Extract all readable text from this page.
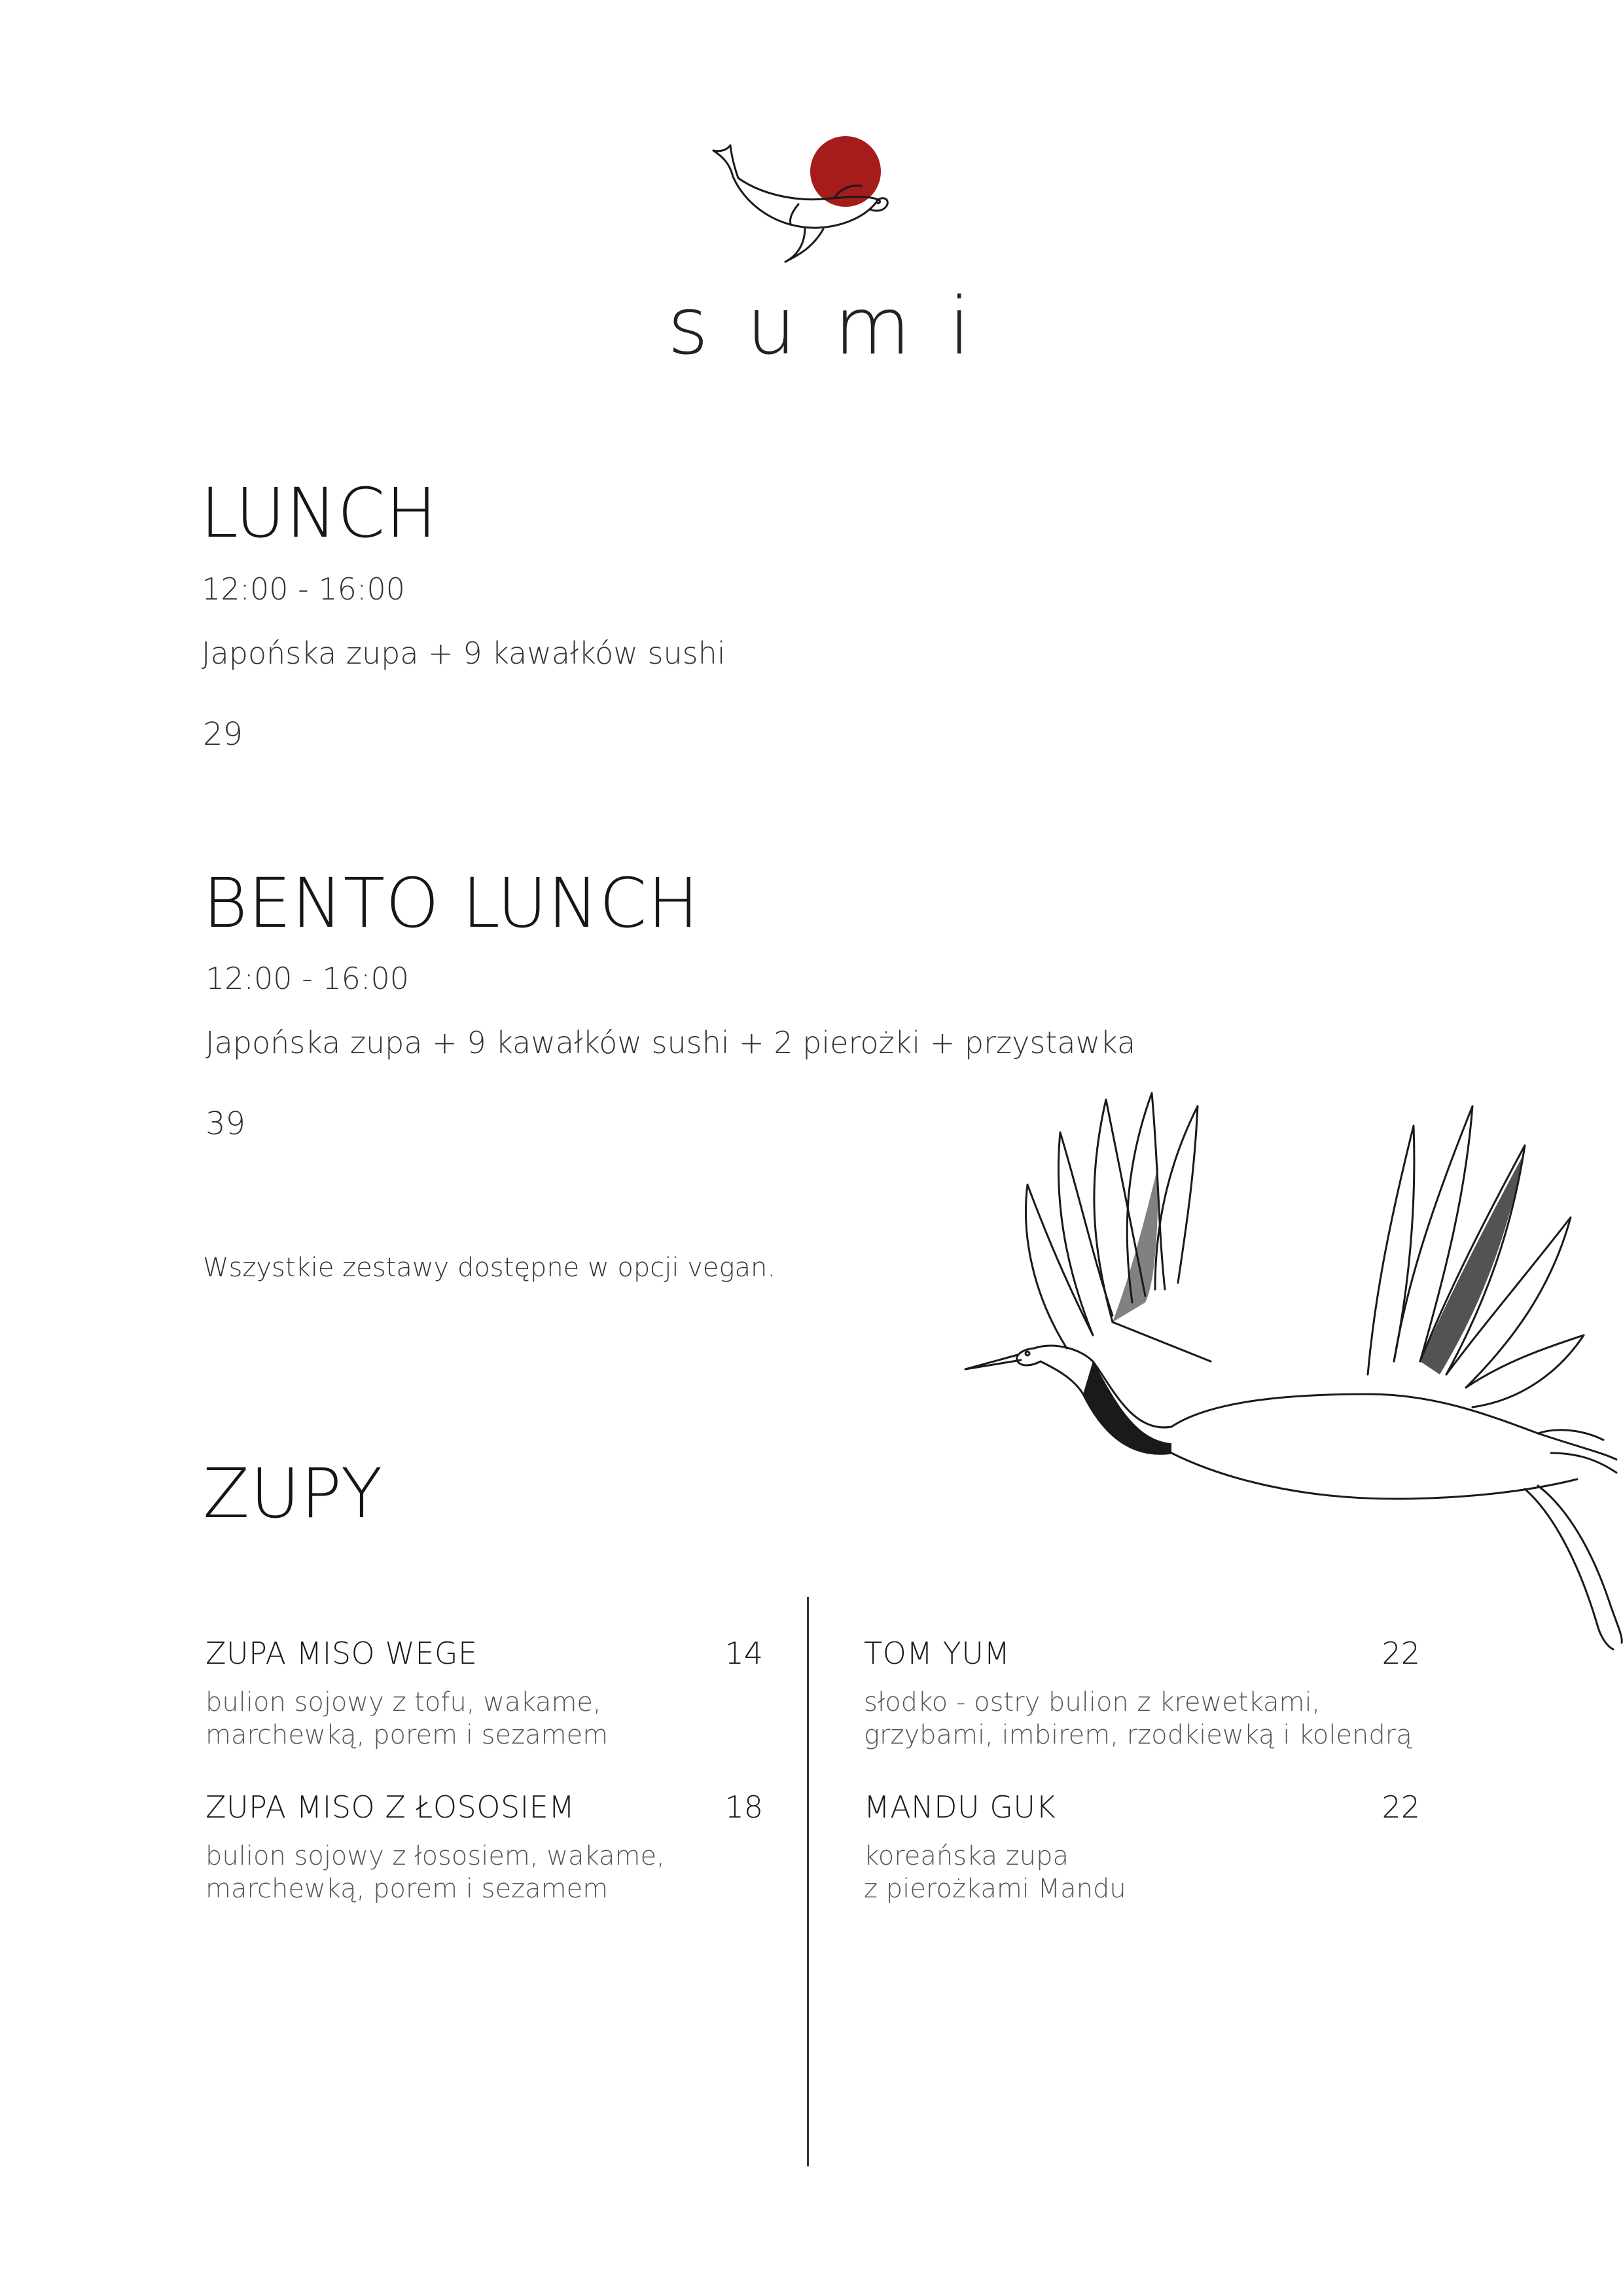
sumi
LUNCH
12:00 - 16:00
Japońska zupa + 9 kawałków sushi
29
BENTO LUNCH
12:00 - 16:00
Japońska zupa + 9 kawałków sushi + 2 pierożki + przystawka
39
Wszystkie zestawy dostępne w opcji vegan.
ZUPY
ZUPA MISO WEGE	14
bulion sojowy z tofu, wakame,
marchewką, porem i sezamem
ZUPA MISO Z ŁOSOSIEM	18
bulion sojowy z łososiem, wakame,
marchewką, porem i sezamem
TOM YUM	22
słodko - ostry bulion z krewetkami,
grzybami, imbirem, rzodkiewką i kolendrą
MANDU GUK	22
koreańska zupa
z pierożkami Mandu
